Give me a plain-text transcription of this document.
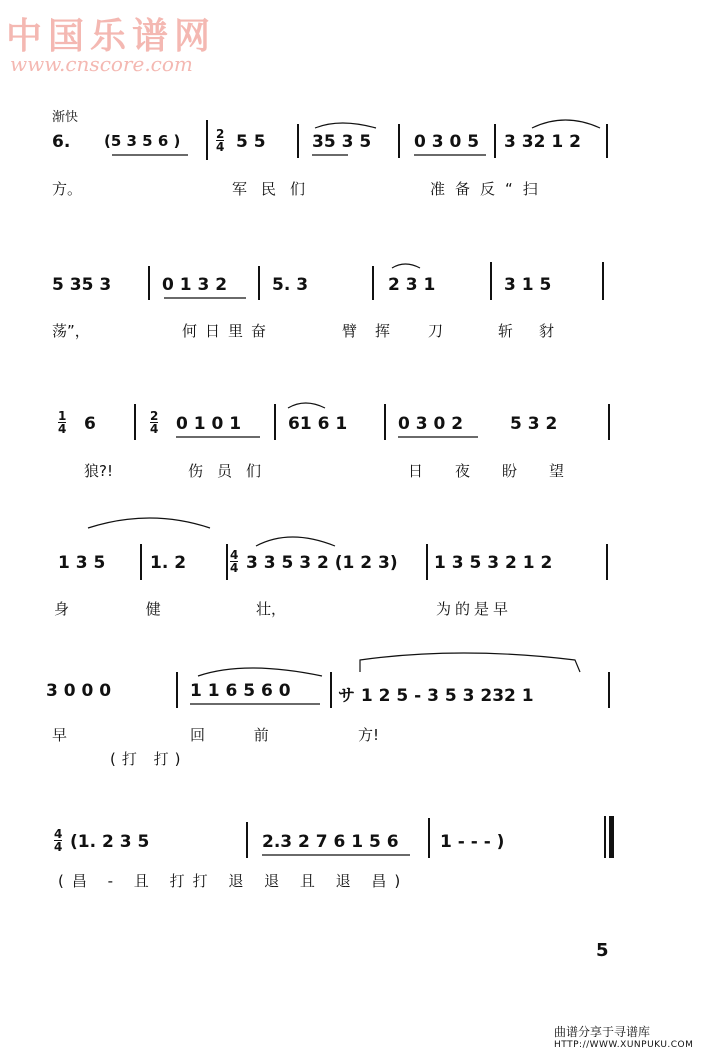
中国乐谱网
www.cnscore.com
渐快
6. (5 3 5 6 )	2
4 5 5	35 3 5	0 3 0 5 3 32 1 2
方。	军民们	准备反“扫
5 35 3	0 1 3 2	5. 3	2 3 1	3 1 5
荡”，	何日里奋	臂挥 刀	斩豺
1
4 6	2
4 0 1 0 1	61 6 1	0 3 0 2	5 3 2
狼?!	伤员们	日夜盼望
1 3 5	1. 2	4
4 3 3 5 3 2 (1 2 3) 1 3 5 3 2 1 2
身 健	壮，	为的是早
3 0 0 0	1 1 6 5 6 0	サ 1 2 5 - 3 5 3 232 1
早	回 前	方!
(打 打)
4
4 (1. 2 3 5	2.3 2 7 6 1 5 6 1 - - - )
(昌 - 且 打打 退 退 且 退 昌)
5
曲谱分享于寻谱库
HTTP://WWW.XUNPUKU.COM
